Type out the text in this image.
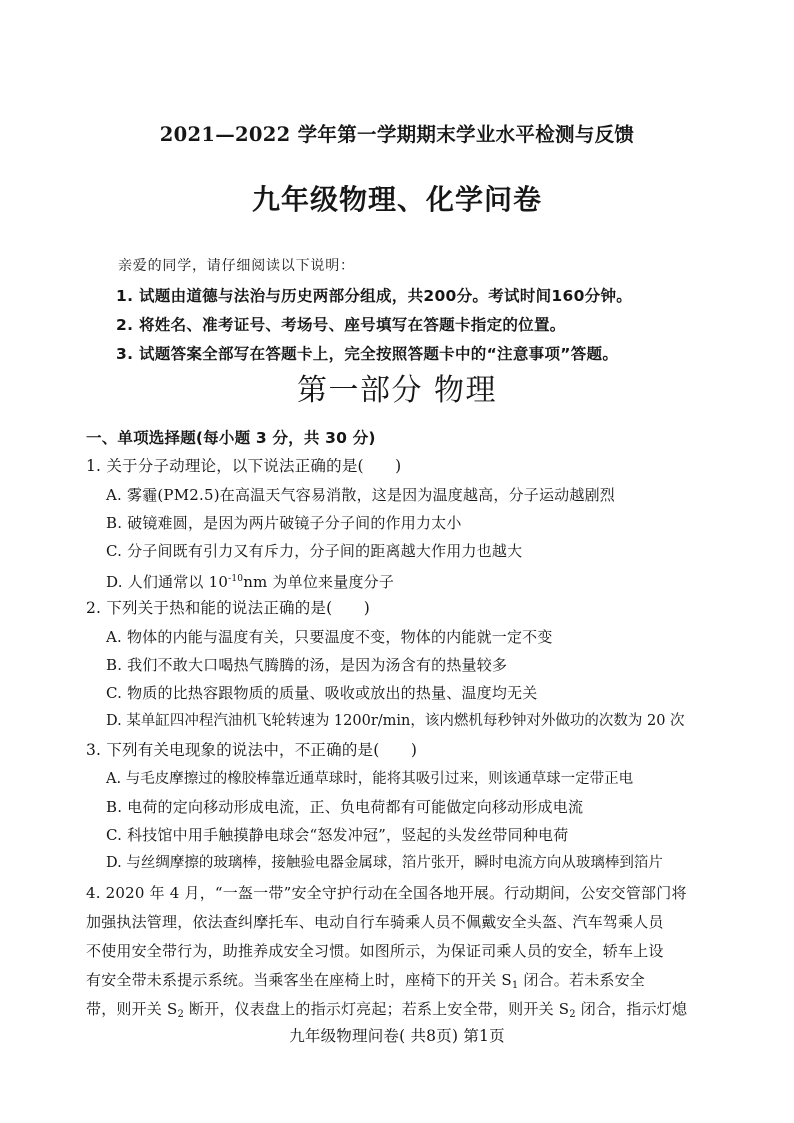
2021—2022 学年第一学期期末学业水平检测与反馈
九年级物理、化学问卷
亲爱的同学，请仔细阅读以下说明：
1. 试题由道德与法治与历史两部分组成，共200分。考试时间160分钟。
2. 将姓名、准考证号、考场号、座号填写在答题卡指定的位置。
3. 试题答案全部写在答题卡上，完全按照答题卡中的“注意事项”答题。
第一部分 物理
一、单项选择题(每小题 3 分，共 30 分)
1. 关于分子动理论，以下说法正确的是(　　)
A. 雾霾(PM2.5)在高温天气容易消散，这是因为温度越高，分子运动越剧烈
B. 破镜难圆，是因为两片破镜子分子间的作用力太小
C. 分子间既有引力又有斥力，分子间的距离越大作用力也越大
D. 人们通常以 $10^{-10}nm$ 为单位来量度分子
2. 下列关于热和能的说法正确的是(　　)
A. 物体的内能与温度有关，只要温度不变，物体的内能就一定不变
B. 我们不敢大口喝热气腾腾的汤，是因为汤含有的热量较多
C. 物质的比热容跟物质的质量、吸收或放出的热量、温度均无关
D. 某单缸四冲程汽油机飞轮转速为 1200r/min，该内燃机每秒钟对外做功的次数为 20 次
3. 下列有关电现象的说法中，不正确的是(　　)
A. 与毛皮摩擦过的橡胶棒靠近通草球时，能将其吸引过来，则该通草球一定带正电
B. 电荷的定向移动形成电流，正、负电荷都有可能做定向移动形成电流
C. 科技馆中用手触摸静电球会“怒发冲冠”，竖起的头发丝带同种电荷
D. 与丝绸摩擦的玻璃棒，接触验电器金属球，箔片张开，瞬时电流方向从玻璃棒到箔片
4. 2020 年 4 月，“一盔一带”安全守护行动在全国各地开展。行动期间，公安交管部门将
加强执法管理，依法查纠摩托车、电动自行车骑乘人员不佩戴安全头盔、汽车驾乘人员
不使用安全带行为，助推养成安全习惯。如图所示，为保证司乘人员的安全，轿车上设
有安全带未系提示系统。当乘客坐在座椅上时，座椅下的开关 $S_1$ 闭合。若未系安全
带，则开关 $S_2$ 断开，仪表盘上的指示灯亮起；若系上安全带，则开关 $S_2$ 闭合，指示灯熄
九年级物理问卷( 共8页) 第1页
